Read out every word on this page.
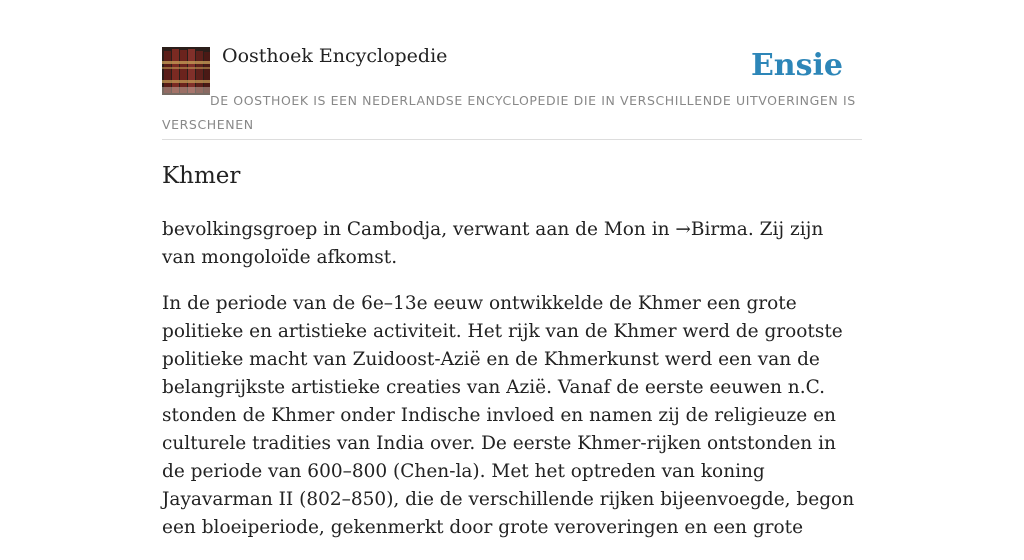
Oosthoek Encyclopedie	Ensie
DE OOSTHOEK IS EEN NEDERLANDSE ENCYCLOPEDIE DIE IN VERSCHILLENDE UITVOERINGEN IS VERSCHENEN
Khmer

bevolkingsgroep in Cambodja, verwant aan de Mon in →Birma. Zij zijn van mongoloïde afkomst.

In de periode van de 6e–13e eeuw ontwikkelde de Khmer een grote politieke en artistieke activiteit. Het rijk van de Khmer werd de grootste politieke macht van Zuidoost-Azië en de Khmerkunst werd een van de belangrijkste artistieke creaties van Azië. Vanaf de eerste eeuwen n.C. stonden de Khmer onder Indische invloed en namen zij de religieuze en culturele tradities van India over. De eerste Khmer-rijken ontstonden in de periode van 600–800 (Chen-la). Met het optreden van koning Jayavarman II (802–850), die de verschillende rijken bijeenvoegde, begon een bloeiperiode, gekenmerkt door grote veroveringen en een grote
